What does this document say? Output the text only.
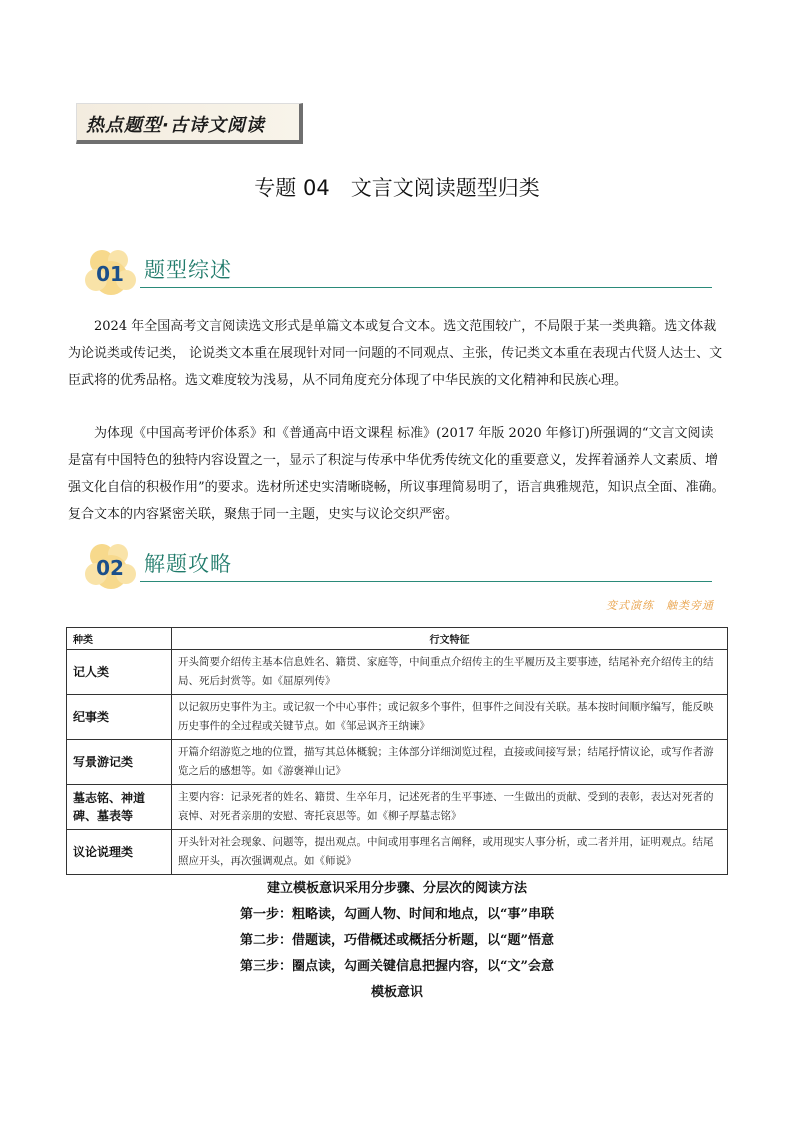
热点题型·古诗文阅读
专题 04　文言文阅读题型归类
01 题型综述
2024 年全国高考文言阅读选文形式是单篇文本或复合文本。选文范围较广，不局限于某一类典籍。选文体裁为论说类或传记类， 论说类文本重在展现针对同一问题的不同观点、主张，传记类文本重在表现古代贤人达士、文臣武将的优秀品格。选文难度较为浅易，从不同角度充分体现了中华民族的文化精神和民族心理。
为体现《中国高考评价体系》和《普通高中语文课程 标准》(2017 年版 2020 年修订)所强调的“文言文阅读是富有中国特色的独特内容设置之一，显示了积淀与传承中华优秀传统文化的重要意义，发挥着涵养人文素质、增强文化自信的积极作用”的要求。选材所述史实清晰晓畅，所议事理简易明了，语言典雅规范，知识点全面、准确。复合文本的内容紧密关联，聚焦于同一主题，史实与议论交织严密。
02 解题攻略
变式演练　触类旁通
种类	行文特征
记人类	开头简要介绍传主基本信息姓名、籍贯、家庭等，中间重点介绍传主的生平履历及主要事迹，结尾补充介绍传主的结局、死后封赏等。如《屈原列传》
纪事类	以记叙历史事件为主。或记叙一个中心事件；或记叙多个事件，但事件之间没有关联。基本按时间顺序编写，能反映历史事件的全过程或关键节点。如《邹忌讽齐王纳谏》
写景游记类	开篇介绍游览之地的位置，描写其总体概貌；主体部分详细浏览过程，直接或间接写景；结尾抒情议论，或写作者游览之后的感想等。如《游褒禅山记》
墓志铭、神道碑、墓表等	主要内容：记录死者的姓名、籍贯、生卒年月，记述死者的生平事迹、一生做出的贡献、受到的表彰，表达对死者的哀悼、对死者亲朋的安慰、寄托哀思等。如《柳子厚墓志铭》
议论说理类	开头针对社会现象、问题等，提出观点。中间或用事理名言阐释，或用现实人事分析，或二者并用，证明观点。结尾照应开头，再次强调观点。如《师说》
建立模板意识采用分步骤、分层次的阅读方法
第一步：粗略读，勾画人物、时间和地点，以“事”串联
第二步：借题读，巧借概述或概括分析题，以“题”悟意
第三步：圈点读，勾画关键信息把握内容，以“文”会意
模板意识
